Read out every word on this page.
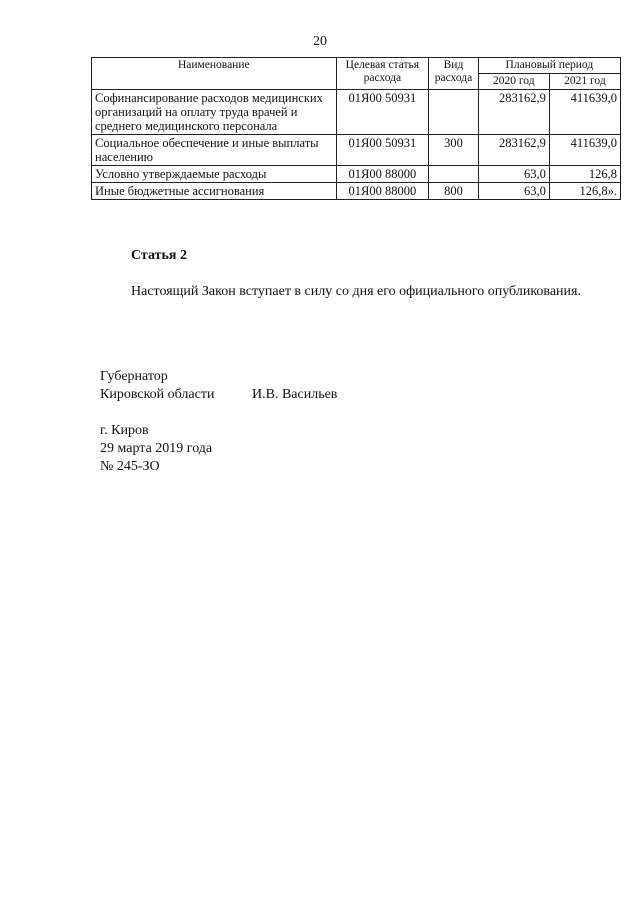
20
Наименование	Целевая статья расхода	Вид расхода	Плановый период	
			2020 год	2021 год
Софинансирование расходов медицинских организаций на оплату труда врачей и среднего медицинского персонала	01Я00 50931		283162,9	411639,0
Социальное обеспечение и иные выплаты населению	01Я00 50931	300	283162,9	411639,0
Условно утверждаемые расходы	01Я00 88000		63,0	126,8
Иные бюджетные ассигнования	01Я00 88000	800	63,0	126,8».
Статья 2
Настоящий Закон вступает в силу со дня его официального опубликования.
Губернатор
Кировской области	И.В. Васильев
г. Киров
29 марта 2019 года
№ 245-ЗО
